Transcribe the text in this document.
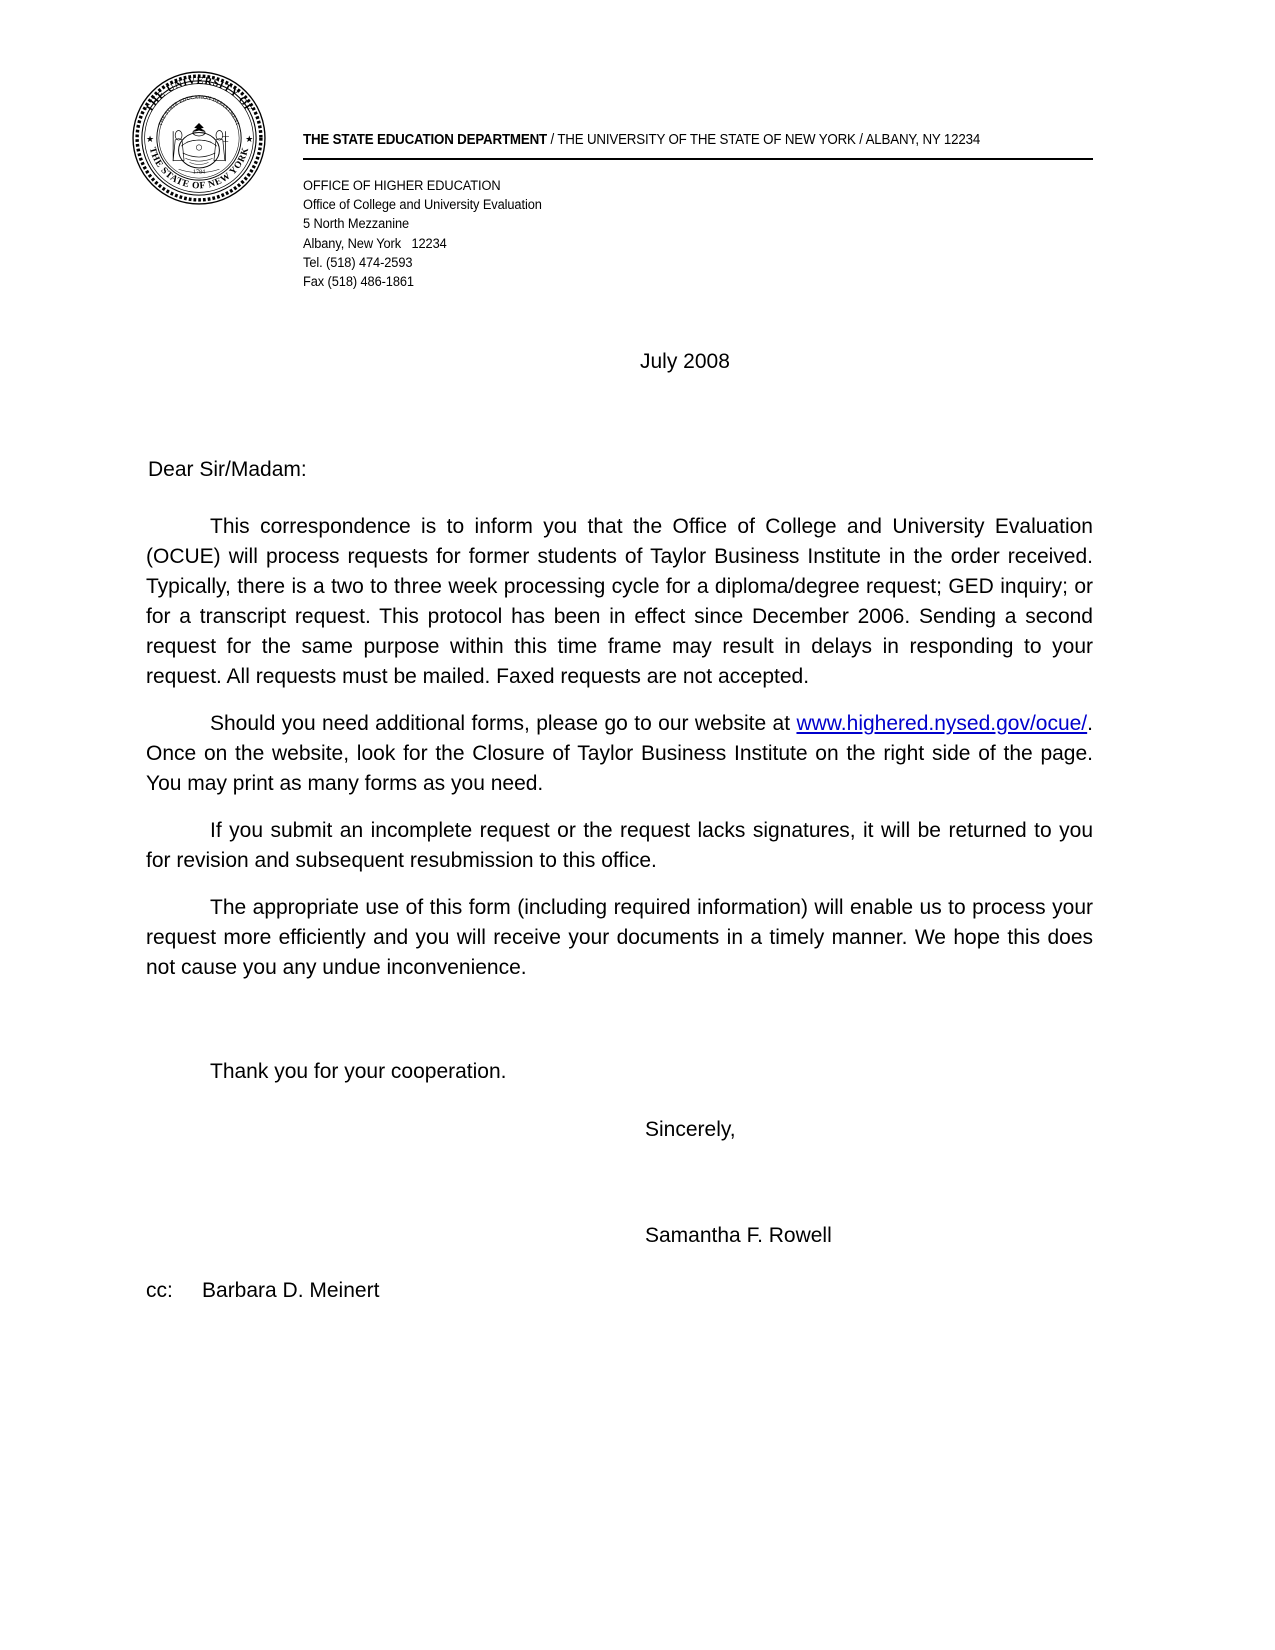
THE UNIVERSITY OF
THE STATE OF NEW YORK
THE STATE EDUCATION DEPARTMENT
★	★
1784
THE STATE EDUCATION DEPARTMENT / THE UNIVERSITY OF THE STATE OF NEW YORK / ALBANY, NY 12234
OFFICE OF HIGHER EDUCATION
Office of College and University Evaluation
5 North Mezzanine
Albany, New York   12234
Tel. (518) 474-2593
Fax (518) 486-1861
July 2008
Dear Sir/Madam:

This correspondence is to inform you that the Office of College and University Evaluation (OCUE) will process requests for former students of Taylor Business Institute in the order received. Typically, there is a two to three week processing cycle for a diploma/degree request; GED inquiry; or for a transcript request. This protocol has been in effect since December 2006. Sending a second request for the same purpose within this time frame may result in delays in responding to your request. All requests must be mailed. Faxed requests are not accepted.

Should you need additional forms, please go to our website at www.highered.nysed.gov/ocue/. Once on the website, look for the Closure of Taylor Business Institute on the right side of the page. You may print as many forms as you need.

If you submit an incomplete request or the request lacks signatures, it will be returned to you for revision and subsequent resubmission to this office.

The appropriate use of this form (including required information) will enable us to process your request more efficiently and you will receive your documents in a timely manner. We hope this does not cause you any undue inconvenience.

Thank you for your cooperation.
Sincerely,
Samantha F. Rowell
cc:     Barbara D. Meinert
